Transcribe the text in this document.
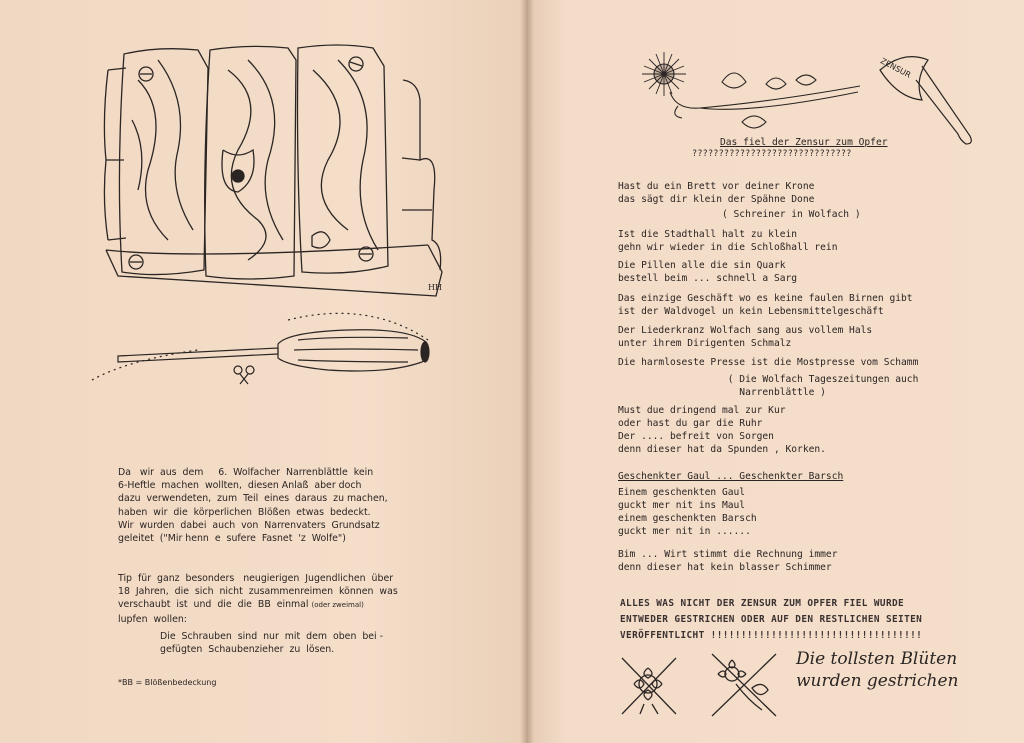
HH
Da   wir  aus  dem     6.  Wolfacher  Narrenblättle  kein
6-Heftle  machen  wollten,  diesen Anlaß  aber doch
dazu  verwendeten,  zum  Teil  eines  daraus  zu machen,
haben  wir  die  körperlichen  Blößen  etwas  bedeckt.
Wir  wurden  dabei  auch  von  Narrenvaters  Grundsatz
geleitet  ("Mir henn  e  sufere  Fasnet  'z  Wolfe")
Tip  für  ganz  besonders   neugierigen  Jugendlichen  über
18  Jahren,  die  sich  nicht  zusammenreimen  können  was
verschaubt  ist  und  die  die  BB  einmal (oder zweimal)
lupfen  wollen:
Die  Schrauben  sind  nur  mit  dem  oben  bei -
gefügten  Schaubenzieher  zu  lösen.
*BB = Blößenbedeckung
ZENSUR
Das fiel der Zensur zum Opfer
??????????????????????????????
Hast du ein Brett vor deiner Krone
das sägt dir klein der Spähne Done
( Schreiner in Wolfach )
Ist die Stadthall halt zu klein
gehn wir wieder in die Schloßhall rein
Die Pillen alle die sin Quark
bestell beim ... schnell a Sarg
Das einzige Geschäft wo es keine faulen Birnen gibt
ist der Waldvogel un kein Lebensmittelgeschäft
Der Liederkranz Wolfach sang aus vollem Hals
unter ihrem Dirigenten Schmalz
Die harmloseste Presse ist die Mostpresse vom Schamm
( Die Wolfach Tageszeitungen auch
Narrenblättle )
Must due dringend mal zur Kur
oder hast du gar die Ruhr
Der .... befreit von Sorgen
denn dieser hat da Spunden , Korken.
Geschenkter Gaul ... Geschenkter Barsch
Einem geschenkten Gaul
guckt mer nit ins Maul
einem geschenkten Barsch
guckt mer nit in ......
Bim ... Wirt stimmt die Rechnung immer
denn dieser hat kein blasser Schimmer
ALLES WAS NICHT DER ZENSUR ZUM OPFER FIEL WURDE
ENTWEDER GESTRICHEN ODER AUF DEN RESTLICHEN SEITEN
VERÖFFENTLICHT !!!!!!!!!!!!!!!!!!!!!!!!!!!!!!!!!!!
Die tollsten Blüten
wurden gestrichen
